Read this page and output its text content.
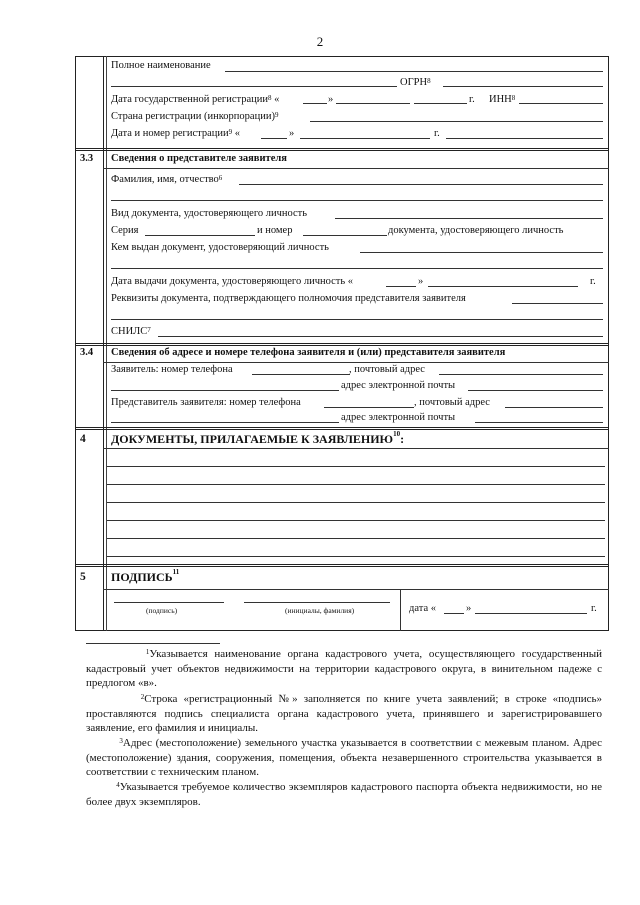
2
Полное наименование
ОГРН$^8$
Дата государственной регистрации$^8$ «	»	г. ИНН$^8$
Страна регистрации (инкорпорации)$^9$
Дата и номер регистрации$^9$ «	»	г.
3.3 Сведения о представителе заявителя
Фамилия, имя, отчество$^6$
Вид документа, удостоверяющего личность
Серия	и номер	документа, удостоверяющего личность
Кем выдан документ, удостоверяющий личность
Дата выдачи документа, удостоверяющего личность «	»	г.
Реквизиты документа, подтверждающего полномочия представителя заявителя
СНИЛС$^7$
3.4 Сведения об адресе и номере телефона заявителя и (или) представителя заявителя
Заявитель: номер телефона	, почтовый адрес
адрес электронной почты
Представитель заявителя: номер телефона	, почтовый адрес
адрес электронной почты
4 ДОКУМЕНТЫ, ПРИЛАГАЕМЫЕ К ЗАЯВЛЕНИЮ$^{10}$:
5 ПОДПИСЬ$^{11}$
(подпись)	(инициалы, фамилия)	дата «	»	г.
$^1$Указывается наименование органа кадастрового учета, осуществляющего государственный кадастровый учет объектов недвижимости на территории кадастрового округа, в винительном падеже с предлогом «в».
$^2$Строка «регистрационный №» заполняется по книге учета заявлений; в строке «подпись» проставляются подпись специалиста органа кадастрового учета, принявшего и зарегистрировавшего заявление, его фамилия и инициалы.
$^3$Адрес (местоположение) земельного участка указывается в соответствии с межевым планом. Адрес (местоположение) здания, сооружения, помещения, объекта незавершенного строительства указывается в соответствии с техническим планом.
$^4$Указывается требуемое количество экземпляров кадастрового паспорта объекта недвижимости, но не более двух экземпляров.
